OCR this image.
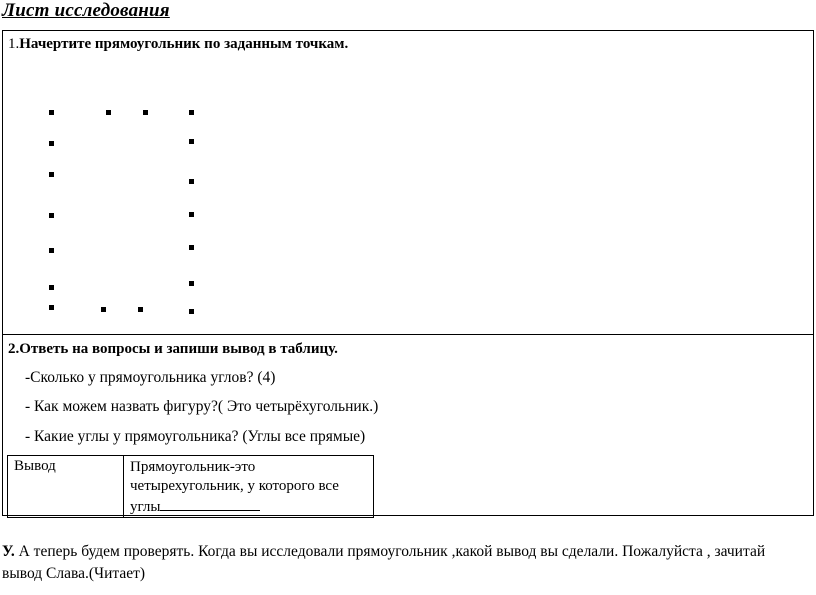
Лист исследования
1.Начертите прямоугольник по заданным точкам.
2.Ответь на вопросы и запиши вывод в таблицу.
-Сколько у прямоугольника углов? (4)
- Как можем назвать фигуру?( Это четырёхугольник.)
- Какие углы у прямоугольника? (Углы все прямые)
Вывод	Прямоугольник-это
четырехугольник, у которого все
углы
У. А теперь будем проверять. Когда вы исследовали прямоугольник ,какой вывод вы сделали. Пожалуйста , зачитай вывод Слава.(Читает)
